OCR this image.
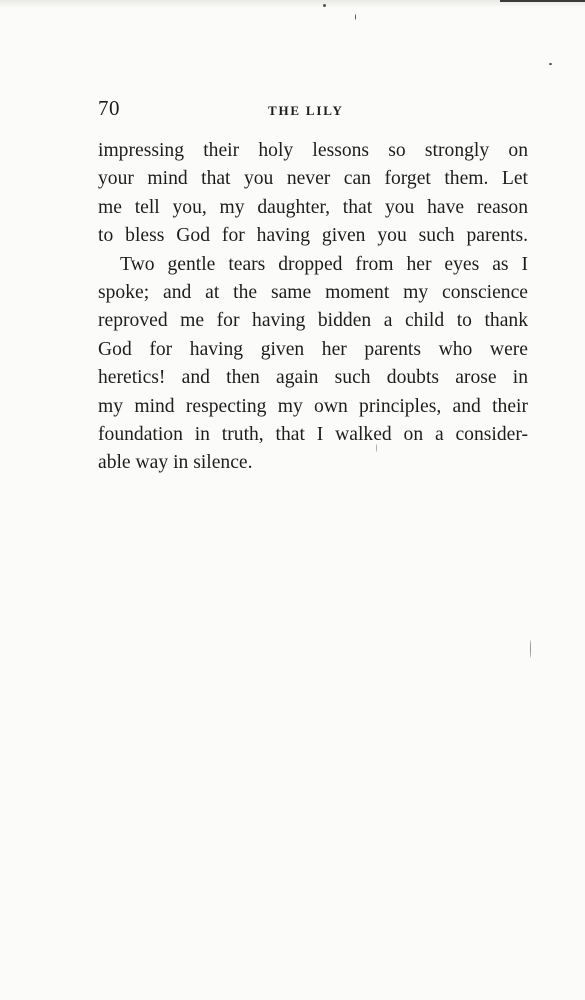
70	THE LILY
impressing their holy lessons so strongly on
your mind that you never can forget them. Let
me tell you, my daughter, that you have reason
to bless God for having given you such parents.
Two gentle tears dropped from her eyes as I
spoke; and at the same moment my conscience
reproved me for having bidden a child to thank
God for having given her parents who were
heretics! and then again such doubts arose in
my mind respecting my own principles, and their
foundation in truth, that I walked on a consider-
able way in silence.
